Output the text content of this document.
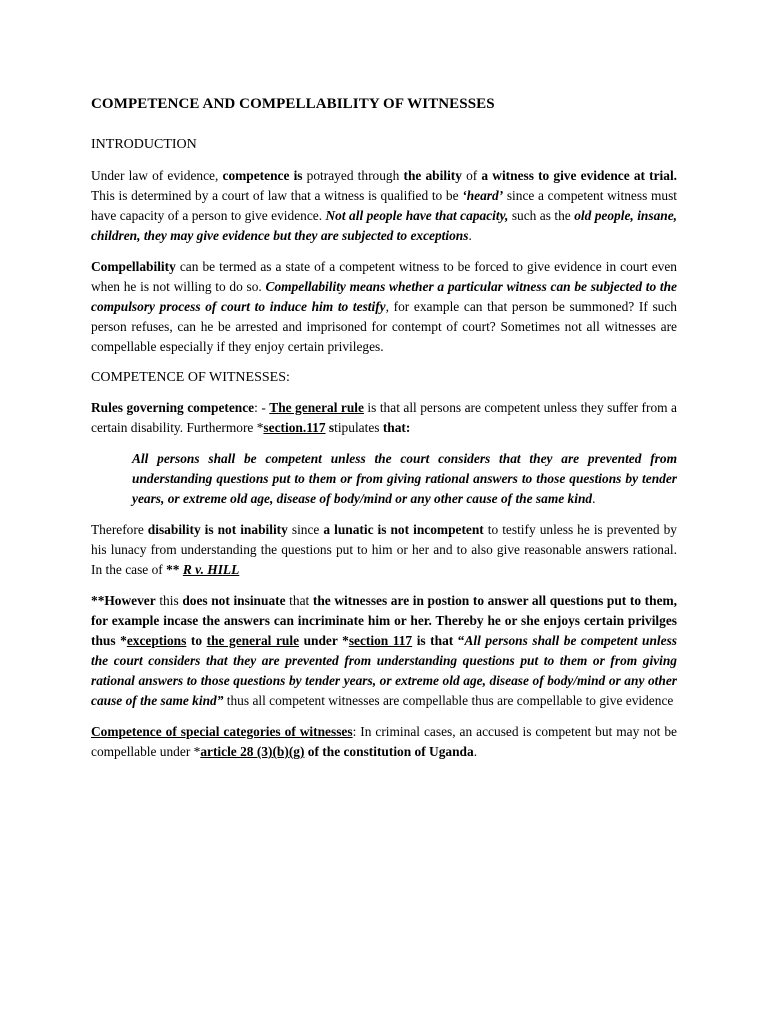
COMPETENCE AND COMPELLABILITY OF WITNESSES
INTRODUCTION

Under law of evidence, competence is potrayed through the ability of a witness to give evidence at trial. This is determined by a court of law that a witness is qualified to be ‘heard’ since a competent witness must have capacity of a person to give evidence. Not all people have that capacity, such as the old people, insane, children, they may give evidence but they are subjected to exceptions.

Compellability can be termed as a state of a competent witness to be forced to give evidence in court even when he is not willing to do so. Compellability means whether a particular witness can be subjected to the compulsory process of court to induce him to testify, for example can that person be summoned? If such person refuses, can he be arrested and imprisoned for contempt of court? Sometimes not all witnesses are compellable especially if they enjoy certain privileges.

COMPETENCE OF WITNESSES:

Rules governing competence: - The general rule is that all persons are competent unless they suffer from a certain disability. Furthermore *section.117 stipulates that:

All persons shall be competent unless the court considers that they are prevented from understanding questions put to them or from giving rational answers to those questions by tender years, or extreme old age, disease of body/mind or any other cause of the same kind.

Therefore disability is not inability since a lunatic is not incompetent to testify unless he is prevented by his lunacy from understanding the questions put to him or her and to also give reasonable answers rational. In the case of ** R v. HILL

**However this does not insinuate that the witnesses are in postion to answer all questions put to them, for example incase the answers can incriminate him or her. Thereby he or she enjoys certain privilges thus *exceptions to the general rule under *section 117 is that “All persons shall be competent unless the court considers that they are prevented from understanding questions put to them or from giving rational answers to those questions by tender years, or extreme old age, disease of body/mind or any other cause of the same kind” thus all competent witnesses are compellable thus are compellable to give evidence

Competence of special categories of witnesses: In criminal cases, an accused is competent but may not be compellable under *article 28 (3)(b)(g) of the constitution of Uganda.
